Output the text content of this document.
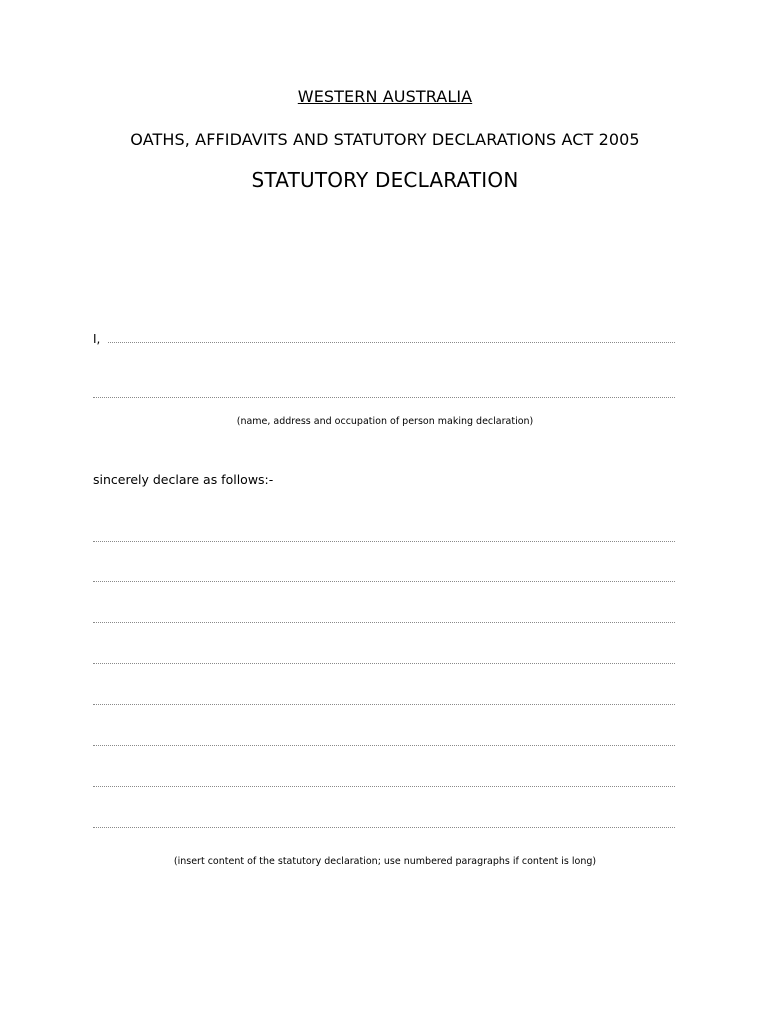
WESTERN AUSTRALIA
OATHS, AFFIDAVITS AND STATUTORY DECLARATIONS ACT 2005
STATUTORY DECLARATION
I,
(name, address and occupation of person making declaration)
sincerely declare as follows:-
(insert content of the statutory declaration; use numbered paragraphs if content is long)
